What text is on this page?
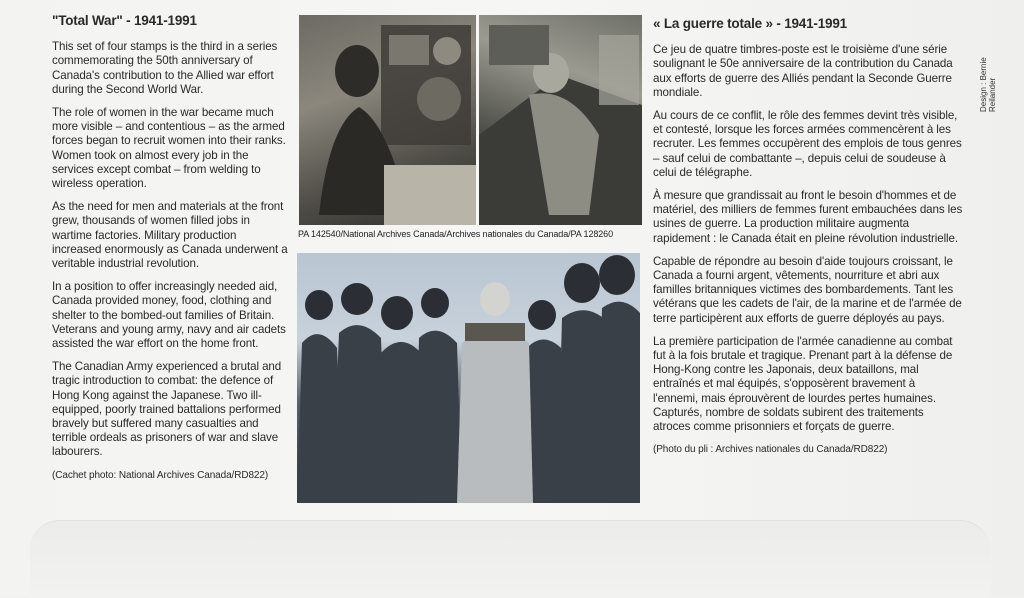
"Total War" - 1941-1991

This set of four stamps is the third in a series commemorating the 50th anniversary of Canada's contribution to the Allied war effort during the Second World War.

The role of women in the war became much more visible – and contentious – as the armed forces began to recruit women into their ranks. Women took on almost every job in the services except combat – from welding to wireless operation.

As the need for men and materials at the front grew, thousands of women filled jobs in wartime factories. Military production increased enormously as Canada underwent a veritable industrial revolution.

In a position to offer increasingly needed aid, Canada provided money, food, clothing and shelter to the bombed-out families of Britain. Veterans and young army, navy and air cadets assisted the war effort on the home front.

The Canadian Army experienced a brutal and tragic introduction to combat: the defence of Hong Kong against the Japanese. Two ill-equipped, poorly trained battalions performed bravely but suffered many casualties and terrible ordeals as prisoners of war and slave labourers.

(Cachet photo: National Archives Canada/RD822)
PA 142540/National Archives Canada/Archives nationales du Canada/PA 128260
« La guerre totale » - 1941-1991

Ce jeu de quatre timbres-poste est le troisième d'une série soulignant le 50e anniversaire de la contribution du Canada aux efforts de guerre des Alliés pendant la Seconde Guerre mondiale.

Au cours de ce conflit, le rôle des femmes devint très visible, et contesté, lorsque les forces armées commencèrent à les recruter. Les femmes occupèrent des emplois de tous genres – sauf celui de combattante –, depuis celui de soudeuse à celui de télégraphe.

À mesure que grandissait au front le besoin d'hommes et de matériel, des milliers de femmes furent embauchées dans les usines de guerre. La production militaire augmenta rapidement : le Canada était en pleine révolution industrielle.

Capable de répondre au besoin d'aide toujours croissant, le Canada a fourni argent, vêtements, nourriture et abri aux familles britanniques victimes des bombardements. Tant les vétérans que les cadets de l'air, de la marine et de l'armée de terre participèrent aux efforts de guerre déployés au pays.

La première participation de l'armée canadienne au combat fut à la fois brutale et tragique. Prenant part à la défense de Hong-Kong contre les Japonais, deux bataillons, mal entraînés et mal équipés, s'opposèrent bravement à l'ennemi, mais éprouvèrent de lourdes pertes humaines. Capturés, nombre de soldats subirent des traitements atroces comme prisonniers et forçats de guerre.

(Photo du pli : Archives nationales du Canada/RD822)
Design : Bernie Reilander
